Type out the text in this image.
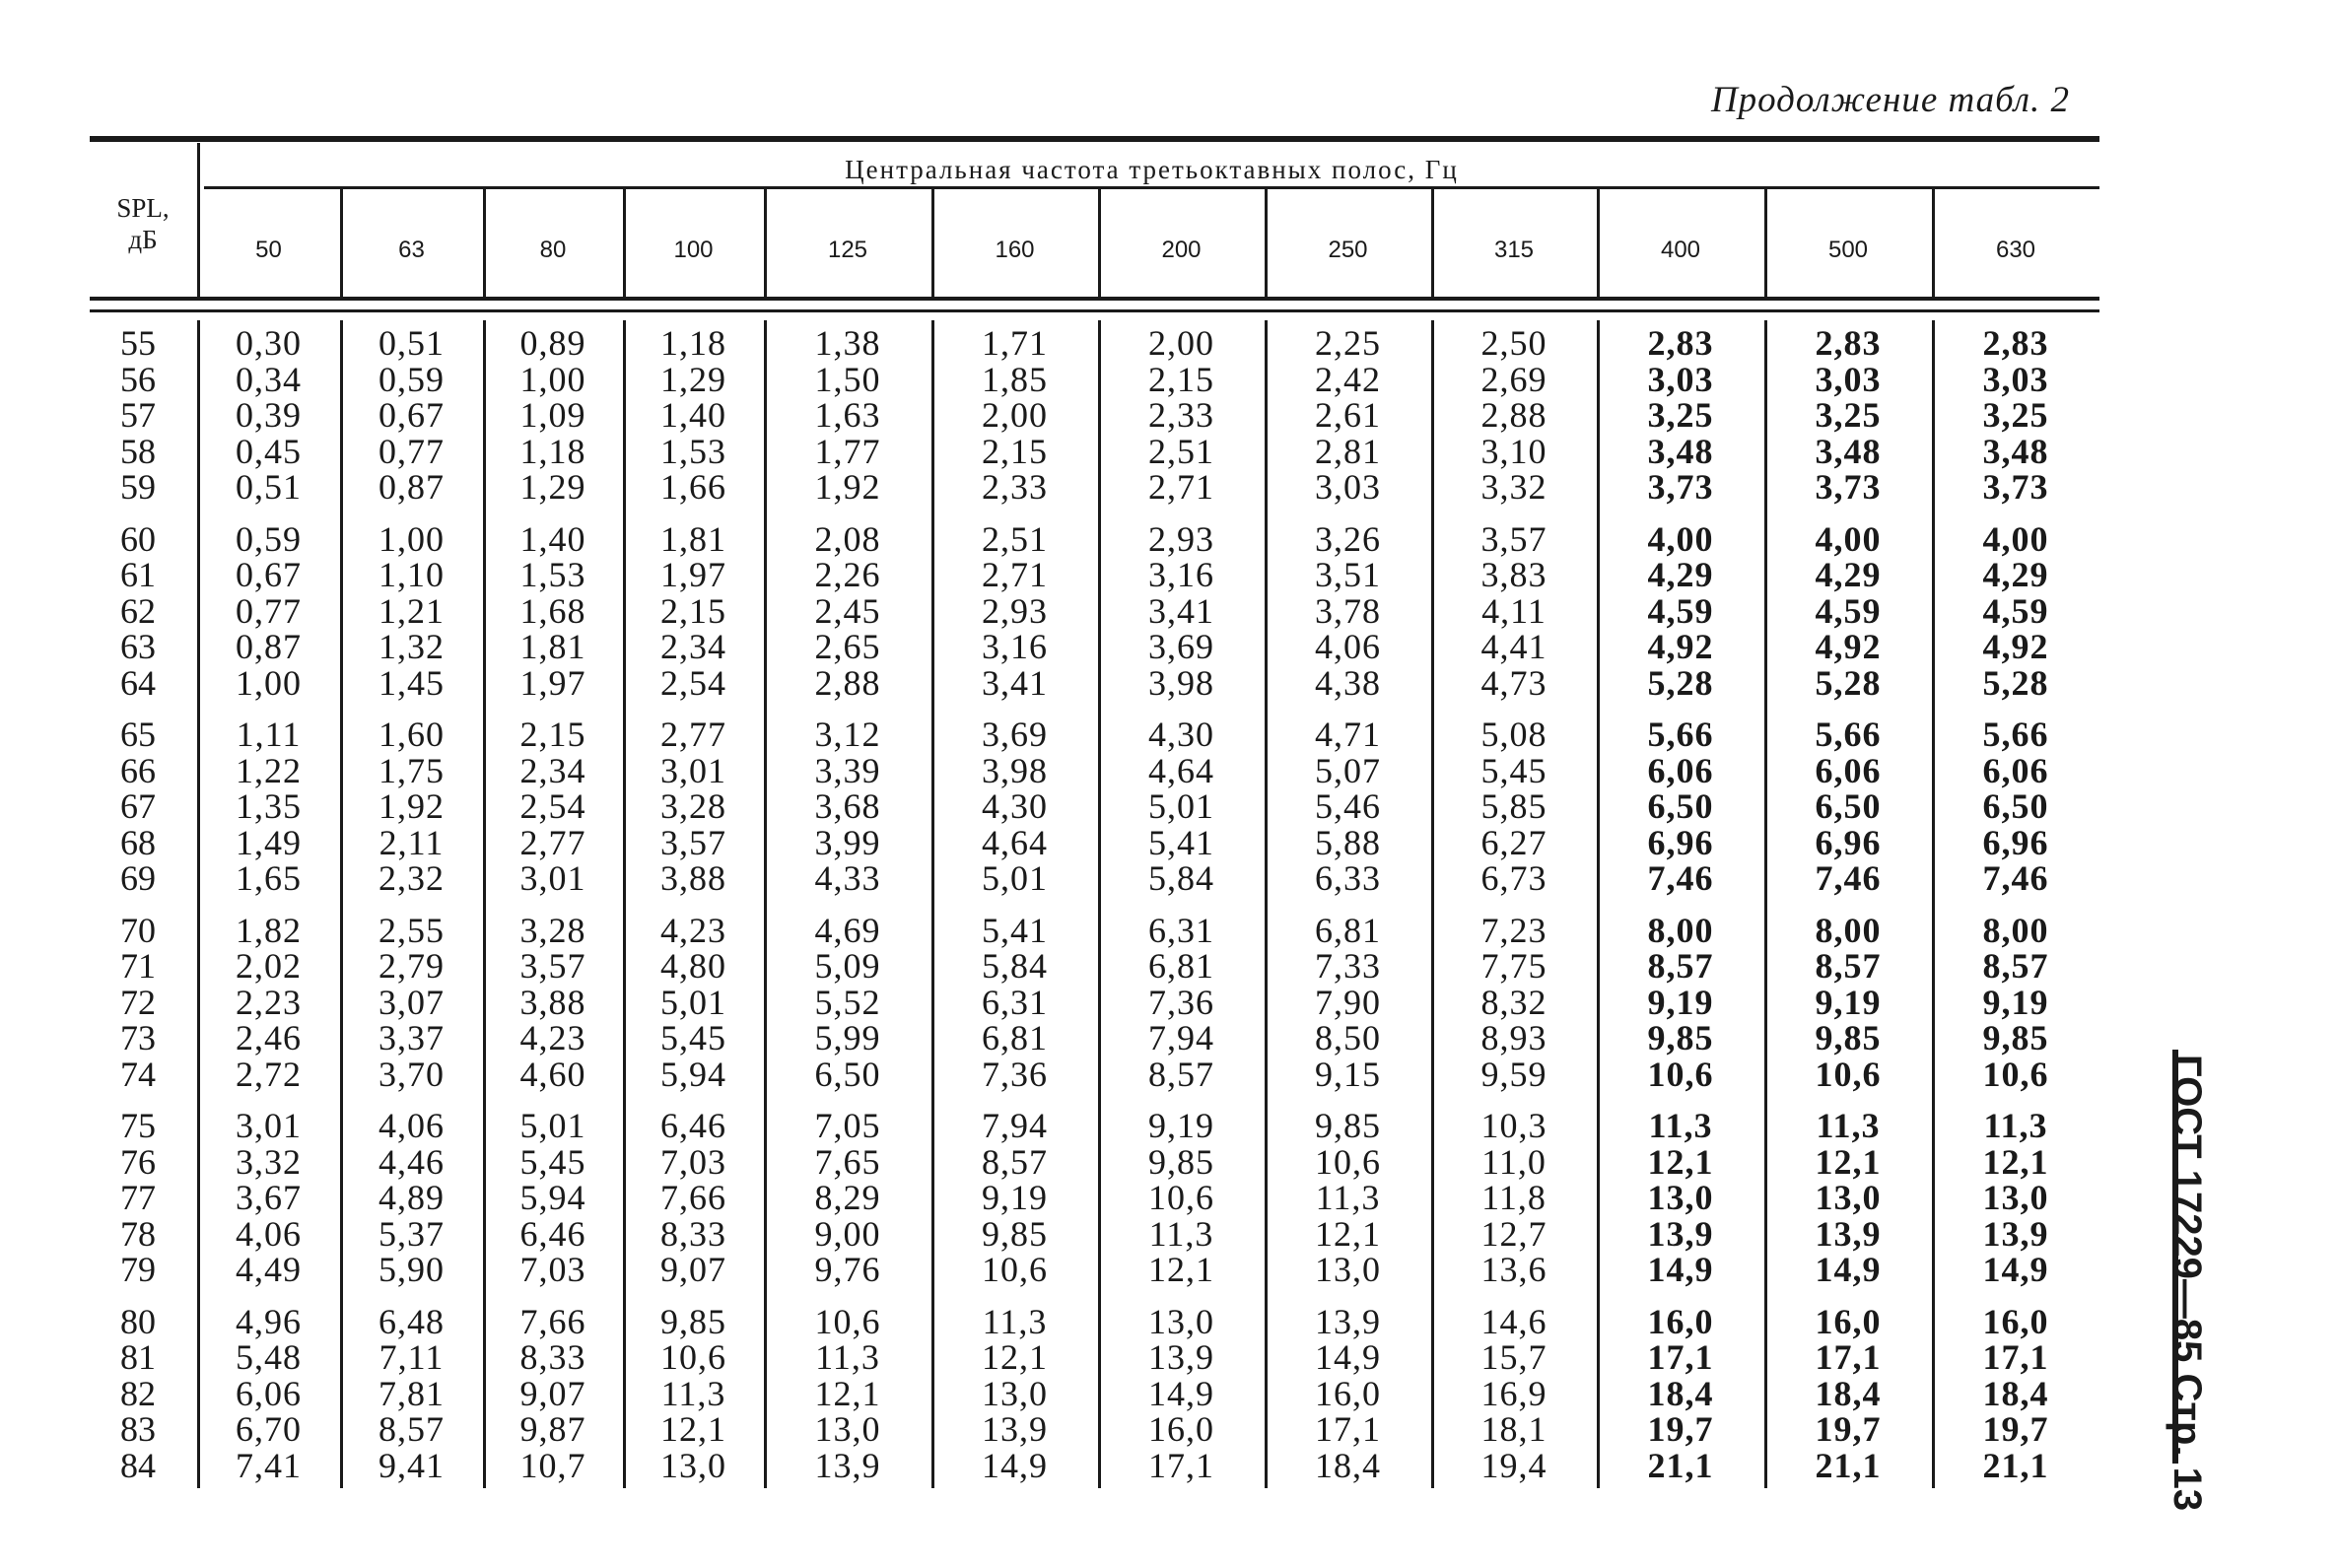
Продолжение табл. 2
SPL,
дБ
Центральная частота третьоктавных полос, Гц
50	63	80	100	125	160	200	250	315	400	500	630
55	0,30	0,51	0,89	1,18	1,38	1,71	2,00	2,25	2,50	2,83	2,83	2,83
56	0,34	0,59	1,00	1,29	1,50	1,85	2,15	2,42	2,69	3,03	3,03	3,03
57	0,39	0,67	1,09	1,40	1,63	2,00	2,33	2,61	2,88	3,25	3,25	3,25
58	0,45	0,77	1,18	1,53	1,77	2,15	2,51	2,81	3,10	3,48	3,48	3,48
59	0,51	0,87	1,29	1,66	1,92	2,33	2,71	3,03	3,32	3,73	3,73	3,73
60	0,59	1,00	1,40	1,81	2,08	2,51	2,93	3,26	3,57	4,00	4,00	4,00
61	0,67	1,10	1,53	1,97	2,26	2,71	3,16	3,51	3,83	4,29	4,29	4,29
62	0,77	1,21	1,68	2,15	2,45	2,93	3,41	3,78	4,11	4,59	4,59	4,59
63	0,87	1,32	1,81	2,34	2,65	3,16	3,69	4,06	4,41	4,92	4,92	4,92
64	1,00	1,45	1,97	2,54	2,88	3,41	3,98	4,38	4,73	5,28	5,28	5,28
65	1,11	1,60	2,15	2,77	3,12	3,69	4,30	4,71	5,08	5,66	5,66	5,66
66	1,22	1,75	2,34	3,01	3,39	3,98	4,64	5,07	5,45	6,06	6,06	6,06
67	1,35	1,92	2,54	3,28	3,68	4,30	5,01	5,46	5,85	6,50	6,50	6,50
68	1,49	2,11	2,77	3,57	3,99	4,64	5,41	5,88	6,27	6,96	6,96	6,96
69	1,65	2,32	3,01	3,88	4,33	5,01	5,84	6,33	6,73	7,46	7,46	7,46
70	1,82	2,55	3,28	4,23	4,69	5,41	6,31	6,81	7,23	8,00	8,00	8,00
71	2,02	2,79	3,57	4,80	5,09	5,84	6,81	7,33	7,75	8,57	8,57	8,57
72	2,23	3,07	3,88	5,01	5,52	6,31	7,36	7,90	8,32	9,19	9,19	9,19
73	2,46	3,37	4,23	5,45	5,99	6,81	7,94	8,50	8,93	9,85	9,85	9,85
74	2,72	3,70	4,60	5,94	6,50	7,36	8,57	9,15	9,59	10,6	10,6	10,6
75	3,01	4,06	5,01	6,46	7,05	7,94	9,19	9,85	10,3	11,3	11,3	11,3
76	3,32	4,46	5,45	7,03	7,65	8,57	9,85	10,6	11,0	12,1	12,1	12,1
77	3,67	4,89	5,94	7,66	8,29	9,19	10,6	11,3	11,8	13,0	13,0	13,0
78	4,06	5,37	6,46	8,33	9,00	9,85	11,3	12,1	12,7	13,9	13,9	13,9
79	4,49	5,90	7,03	9,07	9,76	10,6	12,1	13,0	13,6	14,9	14,9	14,9
80	4,96	6,48	7,66	9,85	10,6	11,3	13,0	13,9	14,6	16,0	16,0	16,0
81	5,48	7,11	8,33	10,6	11,3	12,1	13,9	14,9	15,7	17,1	17,1	17,1
82	6,06	7,81	9,07	11,3	12,1	13,0	14,9	16,0	16,9	18,4	18,4	18,4
83	6,70	8,57	9,87	12,1	13,0	13,9	16,0	17,1	18,1	19,7	19,7	19,7
84	7,41	9,41	10,7	13,0	13,9	14,9	17,1	18,4	19,4	21,1	21,1	21,1	ГОСТ 17229—85 Стр. 13
